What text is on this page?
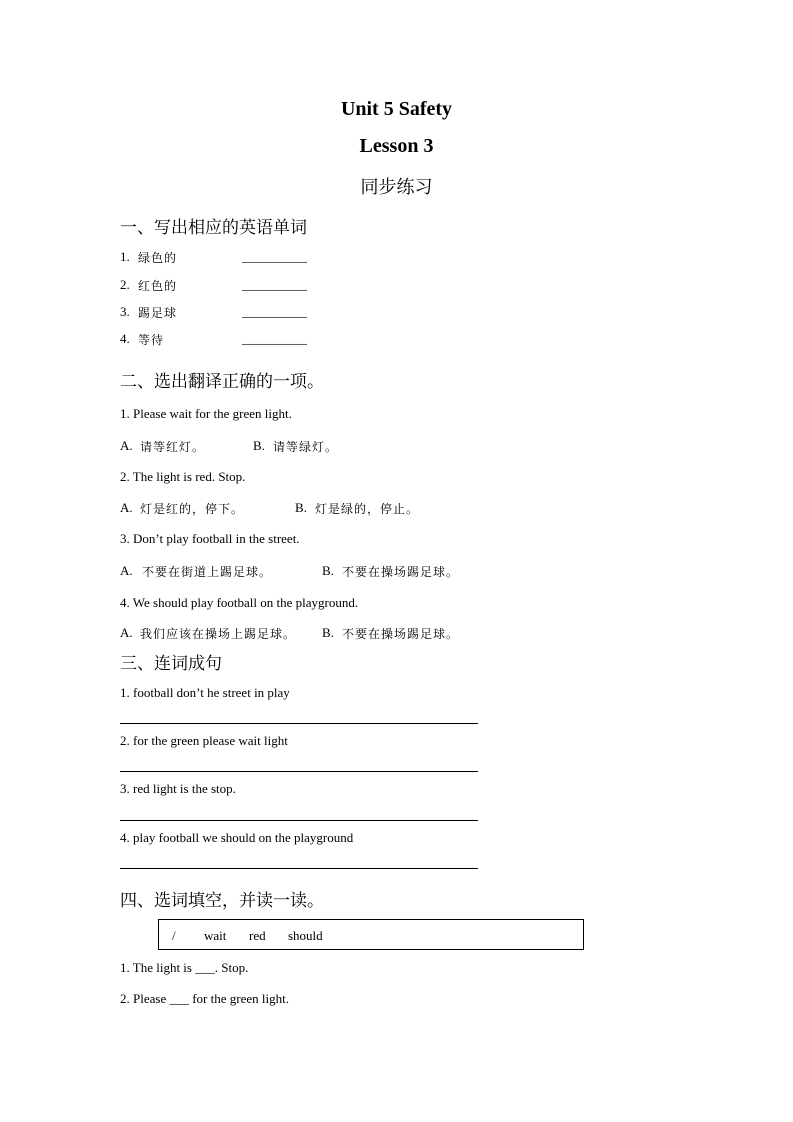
Unit 5 Safety
Lesson 3
同步练习
一、写出相应的英语单词
1. 绿色的	__________
2. 红色的	__________
3. 踢足球	__________
4. 等待	__________
二、选出翻译正确的一项。
1. Please wait for the green light.
A. 请等红灯。	B. 请等绿灯。
2. The light is red. Stop.
A. 灯是红的，停下。	B. 灯是绿的，停止。
3. Don’t play football in the street.
A. 不要在街道上踢足球。	B. 不要在操场踢足球。
4. We should play football on the playground.
A. 我们应该在操场上踢足球。 B. 不要在操场踢足球。
三、连词成句
1. football don’t he street in play
2. for the green please wait light
3. red light is the stop.
4. play football we should on the playground
四、选词填空，并读一读。
/ wait red should
1. The light is ___. Stop.
2. Please ___ for the green light.
